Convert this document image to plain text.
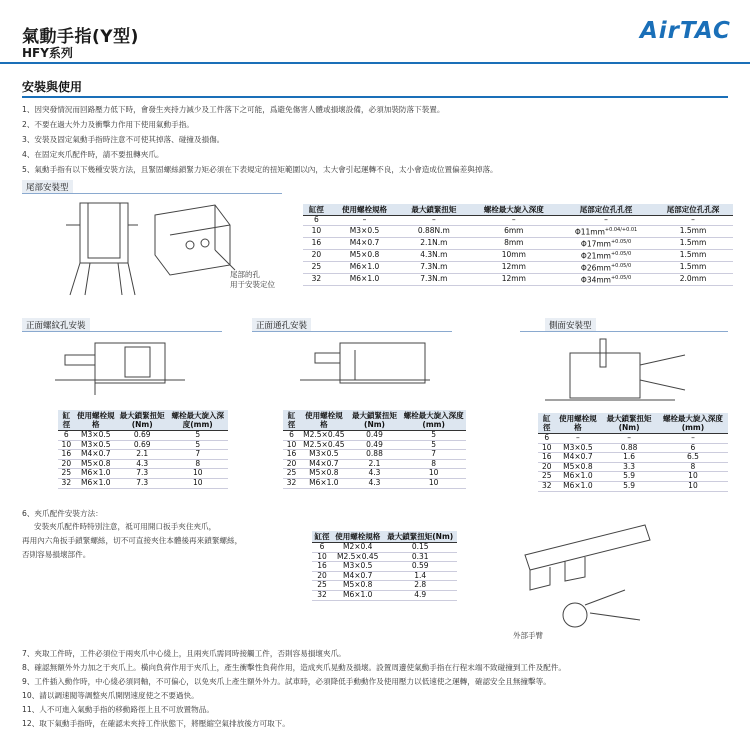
氣動手指(Y型)
HFY系列
AirTAC
安裝與使用
1、因突發情況而回路壓力低下時，會發生夾持力減少及工件落下之可能，爲避免傷害人體或損壞設備，必須加裝防落下裝置。
2、不要在過大外力及衝擊力作用下使用氣動手指。
3、安裝及固定氣動手指時注意不可使其掉落、碰撞及損傷。
4、在固定夾爪配件時，請不要扭轉夾爪。
5、氣動手指有以下幾種安裝方法，且緊固螺絲鎖緊力矩必須在下表規定的扭矩範圍以內，太大會引起運轉不良，太小會造成位置偏差與掉落。
尾部安裝型
尾部的孔
用于安裝定位
缸徑	使用螺栓規格	最大鎖緊扭矩	螺栓最大旋入深度	尾部定位孔孔徑	尾部定位孔孔深
6	–	–	–	–	–
10	M3×0.5	0.88N.m	6mm	$\Phi 11mm^{+0.04/+0.01}$	1.5mm
16	M4×0.7	2.1N.m	8mm	$\Phi 17mm^{+0.05/0}$	1.5mm
20	M5×0.8	4.3N.m	10mm	$\Phi 21mm^{+0.05/0}$	1.5mm
25	M6×1.0	7.3N.m	12mm	$\Phi 26mm^{+0.05/0}$	1.5mm
32	M6×1.0	7.3N.m	12mm	$\Phi 34mm^{+0.05/0}$	2.0mm
正面螺紋孔安裝	正面通孔安裝	側面安裝型
缸徑	使用螺栓規格	最大鎖緊扭矩(Nm)	螺栓最大旋入深度(mm)
6	M3×0.5	0.69	5
10	M3×0.5	0.69	5
16	M4×0.7	2.1	7
20	M5×0.8	4.3	8
25	M6×1.0	7.3	10
32	M6×1.0	7.3	10
缸徑	使用螺栓規格	最大鎖緊扭矩(Nm)	螺栓最大旋入深度(mm)
6	M2.5×0.45	0.49	5
10	M2.5×0.45	0.49	5
16	M3×0.5	0.88	7
20	M4×0.7	2.1	8
25	M5×0.8	4.3	10
32	M6×1.0	4.3	10
缸徑	使用螺栓規格	最大鎖緊扭矩(Nm)	螺栓最大旋入深度(mm)
6	–	–	–
10	M3×0.5	0.88	6
16	M4×0.7	1.6	6.5
20	M5×0.8	3.3	8
25	M6×1.0	5.9	10
32	M6×1.0	5.9	10
6、夾爪配件安裝方法：
安裝夾爪配件時特別注意，祗可用開口扳手夾住夾爪，
再用內六角扳手鎖緊螺絲，切不可直接夾住本體後再來鎖緊螺絲，
否則容易損壞部件。
缸徑	使用螺栓規格	最大鎖緊扭矩(Nm)
6	M2×0.4	0.15
10	M2.5×0.45	0.31
16	M3×0.5	0.59
20	M4×0.7	1.4
25	M5×0.8	2.8
32	M6×1.0	4.9
外部手臂
7、夾取工件時，工件必須位于兩夾爪中心綫上，且兩夾爪需同時接觸工件，否則容易損壞夾爪。
8、確認無額外外力加之于夾爪上。橫向負荷作用于夾爪上，產生衝擊性負荷作用，造成夾爪晃動及損壞。設置周邊使氣動手指在行程末端不致碰撞到工件及配件。
9、工件插入動作時，中心綫必須同軸，不可偏心，以免夾爪上產生額外外力。試車時，必須降低手動動作及使用壓力以低速使之運轉，確認安全且無撞擊等。
10、請以調速閥等調整夾爪開閉速度使之不要過快。
11、人不可進入氣動手指的移動路徑上且不可放置物品。
12、取下氣動手指時，在確認未夾持工件狀態下，將壓縮空氣排放後方可取下。
